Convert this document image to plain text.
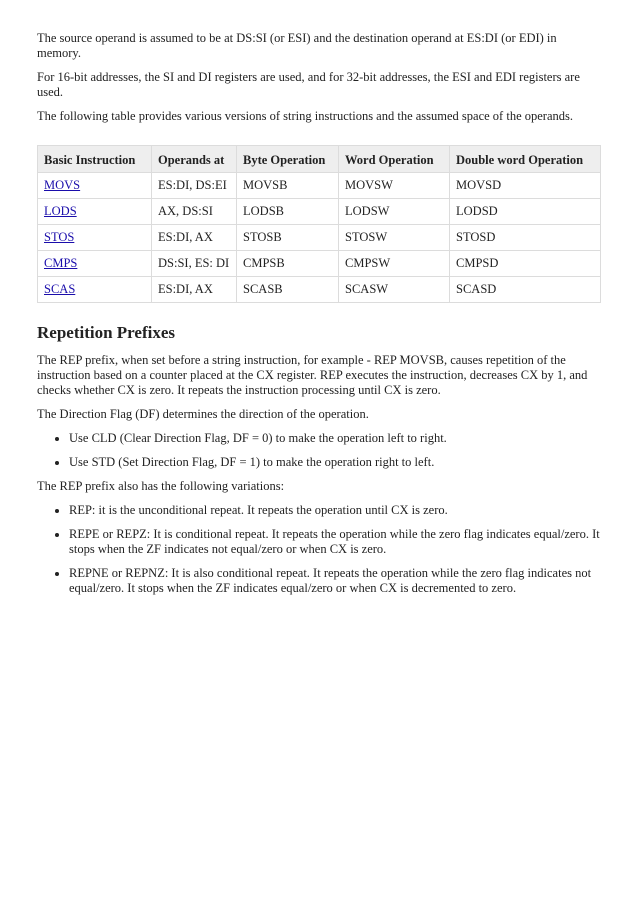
The source operand is assumed to be at DS:SI (or ESI) and the destination operand at ES:DI (or EDI) in memory.

For 16-bit addresses, the SI and DI registers are used, and for 32-bit addresses, the ESI and EDI registers are used.

The following table provides various versions of string instructions and the assumed space of the operands.

Basic Instruction	Operands at	Byte Operation	Word Operation	Double word Operation
MOVS	ES:DI, DS:EI	MOVSB	MOVSW	MOVSD
LODS	AX, DS:SI	LODSB	LODSW	LODSD
STOS	ES:DI, AX	STOSB	STOSW	STOSD
CMPS	DS:SI, ES: DI	CMPSB	CMPSW	CMPSD
SCAS	ES:DI, AX	SCASB	SCASW	SCASD
Repetition Prefixes

The REP prefix, when set before a string instruction, for example - REP MOVSB, causes repetition of the instruction based on a counter placed at the CX register. REP executes the instruction, decreases CX by 1, and checks whether CX is zero. It repeats the instruction processing until CX is zero.

The Direction Flag (DF) determines the direction of the operation.

• Use CLD (Clear Direction Flag, DF = 0) to make the operation left to right.
• Use STD (Set Direction Flag, DF = 1) to make the operation right to left.

The REP prefix also has the following variations:

• REP: it is the unconditional repeat. It repeats the operation until CX is zero.
• REPE or REPZ: It is conditional repeat. It repeats the operation while the zero flag indicates equal/zero. It stops when the ZF indicates not equal/zero or when CX is zero.
• REPNE or REPNZ: It is also conditional repeat. It repeats the operation while the zero flag indicates not equal/zero. It stops when the ZF indicates equal/zero or when CX is decremented to zero.
